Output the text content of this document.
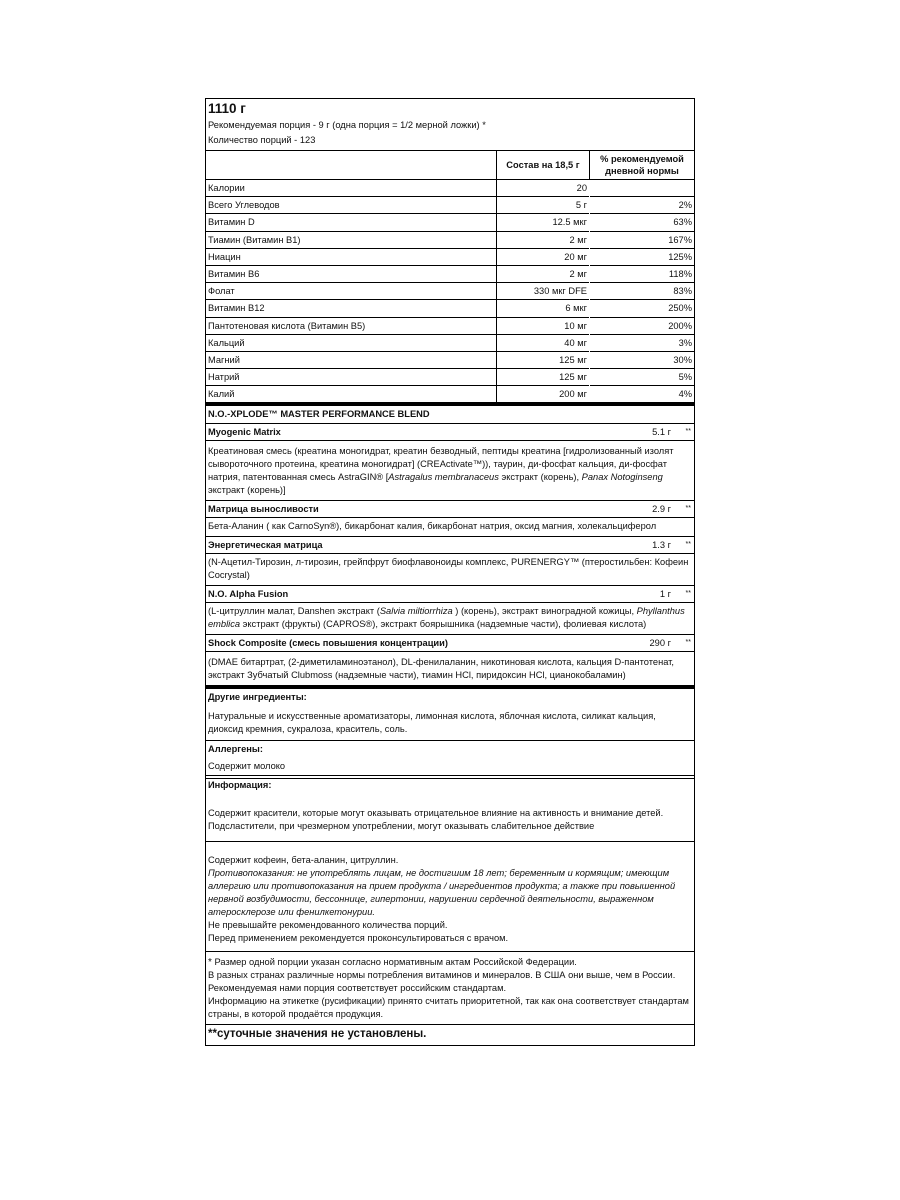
1110 г
Рекомендуемая порция - 9 г (одна порция = 1/2 мерной ложки) *
Количество порций - 123
	Состав на 18,5 г	% рекомендуемой дневной нормы
Калории	20	
Всего Углеводов	5 г	2%
Витамин D	12.5 мкг	63%
Тиамин (Витамин B1)	2 мг	167%
Ниацин	20 мг	125%
Витамин B6	2 мг	118%
Фолат	330 мкг DFE	83%
Витамин B12	6 мкг	250%
Пантотеновая кислота (Витамин B5)	10 мг	200%
Кальций	40 мг	3%
Магний	125 мг	30%
Натрий	125 мг	5%
Калий	200 мг	4%
N.O.-XPLODE™ MASTER PERFORMANCE BLEND
Myogenic Matrix	5.1 г	**
Креатиновая смесь (креатина моногидрат, креатин безводный, пептиды креатина [гидролизованный изолят сывороточного протеина, креатина моногидрат] (CREActivate™)), таурин, ди-фосфат кальция, ди-фосфат натрия, патентованная смесь AstraGIN® [Astragalus membranaceus экстракт (корень), Panax Notoginseng экстракт (корень)]
Матрица выносливости	2.9 г	**
Бета-Аланин ( как CarnoSyn®), бикарбонат калия, бикарбонат натрия, оксид магния, холекальциферол
Энергетическая матрица	1.3 г	**
(N-Ацетил-Тирозин, л-тирозин, грейпфрут биофлавоноиды комплекс, PURENERGY™ (птеростильбен: Кофеин Cocrystal)
N.O. Alpha Fusion	1 г	**
(L-цитруллин малат, Danshen экстракт (Salvia miltiorrhiza ) (корень), экстракт виноградной кожицы, Phyllanthus emblica экстракт (фрукты) (CAPROS®), экстракт боярышника (надземные части), фолиевая кислота)
Shock Composite (смесь повышения концентрации)	290 г	**
(DMAE битартрат, (2-диметиламиноэтанол), DL-фенилаланин, никотиновая кислота, кальция D-пантотенат, экстракт Зубчатый Clubmoss (надземные части), тиамин HCl, пиридоксин HCl, цианокобаламин)
Другие ингредиенты:
Натуральные и искусственные ароматизаторы, лимонная кислота, яблочная кислота, силикат кальция, диоксид кремния, сукралоза, краситель, соль.
Аллергены:
Содержит молоко
Информация:
Содержит красители, которые могут оказывать отрицательное влияние на активность и внимание детей. Подсластители, при чрезмерном употреблении, могут оказывать слабительное действие
Содержит кофеин, бета-аланин, цитруллин.
Противопоказания: не употреблять лицам, не достигшим 18 лет; беременным и кормящим; имеющим аллергию или противопоказания на прием продукта / ингредиентов продукта; а также при повышенной нервной возбудимости, бессоннице, гипертонии, нарушении сердечной деятельности, выраженном атеросклерозе или фенилкетонурии.
Не превышайте рекомендованного количества порций.
Перед применением рекомендуется проконсультироваться с врачом.
* Размер одной порции указан согласно нормативным актам Российской Федерации.
В разных странах различные нормы потребления витаминов и минералов. В США они выше, чем в России. Рекомендуемая нами порция соответствует российским стандартам.
Информацию на этикетке (русификации) принято считать приоритетной, так как она соответствует стандартам страны, в которой продаётся продукция.
**суточные значения не установлены.
